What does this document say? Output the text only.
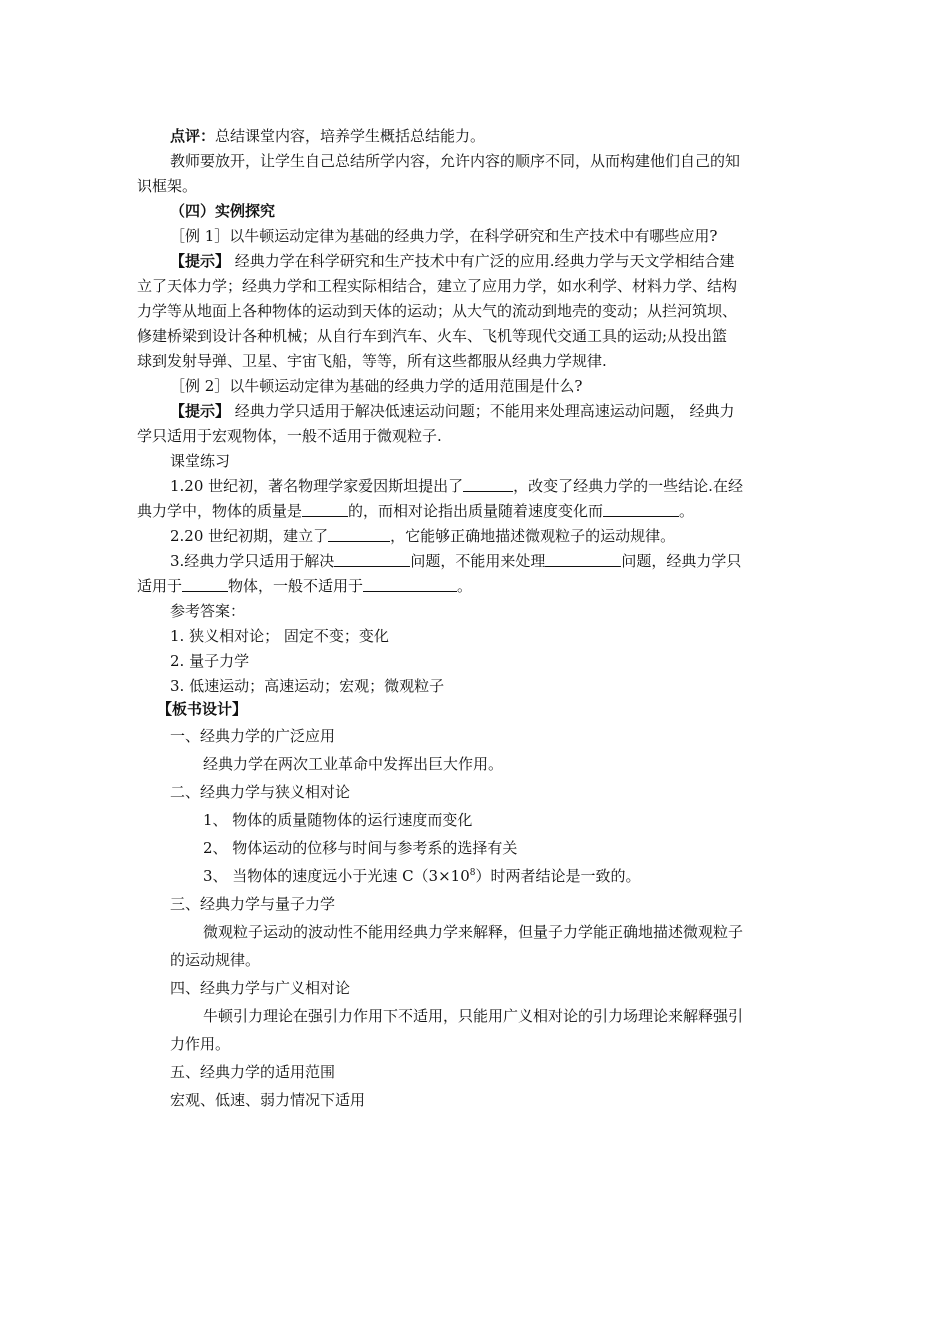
点评：总结课堂内容，培养学生概括总结能力。
教师要放开，让学生自己总结所学内容，允许内容的顺序不同，从而构建他们自己的知
识框架。
（四）实例探究
［例 1］以牛顿运动定律为基础的经典力学，在科学研究和生产技术中有哪些应用?
【提示】 经典力学在科学研究和生产技术中有广泛的应用.经典力学与天文学相结合建
立了天体力学；经典力学和工程实际相结合，建立了应用力学，如水利学、材料力学、结构
力学等从地面上各种物体的运动到天体的运动；从大气的流动到地壳的变动；从拦河筑坝、
修建桥梁到设计各种机械；从自行车到汽车、火车、飞机等现代交通工具的运动;从投出篮
球到发射导弹、卫星、宇宙飞船，等等，所有这些都服从经典力学规律.
［例 2］以牛顿运动定律为基础的经典力学的适用范围是什么?
【提示】 经典力学只适用于解决低速运动问题；不能用来处理高速运动问题， 经典力
学只适用于宏观物体，一般不适用于微观粒子.
课堂练习
1.20 世纪初，著名物理学家爱因斯坦提出了	，改变了经典力学的一些结论.在经
典力学中，物体的质量是	的，而相对论指出质量随着速度变化而	。
2.20 世纪初期，建立了	，它能够正确地描述微观粒子的运动规律。
3.经典力学只适用于解决	问题，不能用来处理	问题，经典力学只
适用于	物体，一般不适用于	。
参考答案：
1. 狭义相对论； 固定不变；变化
2. 量子力学
3. 低速运动；高速运动；宏观；微观粒子
【板书设计】
一、经典力学的广泛应用
经典力学在两次工业革命中发挥出巨大作用。
二、经典力学与狭义相对论
1、 物体的质量随物体的运行速度而变化
2、 物体运动的位移与时间与参考系的选择有关
3、 当物体的速度远小于光速 $C(3\times 10^8)$时两者结论是一致的。
三、经典力学与量子力学
微观粒子运动的波动性不能用经典力学来解释，但量子力学能正确地描述微观粒子
的运动规律。
四、经典力学与广义相对论
牛顿引力理论在强引力作用下不适用，只能用广义相对论的引力场理论来解释强引
力作用。
五、经典力学的适用范围
宏观、低速、弱力情况下适用
